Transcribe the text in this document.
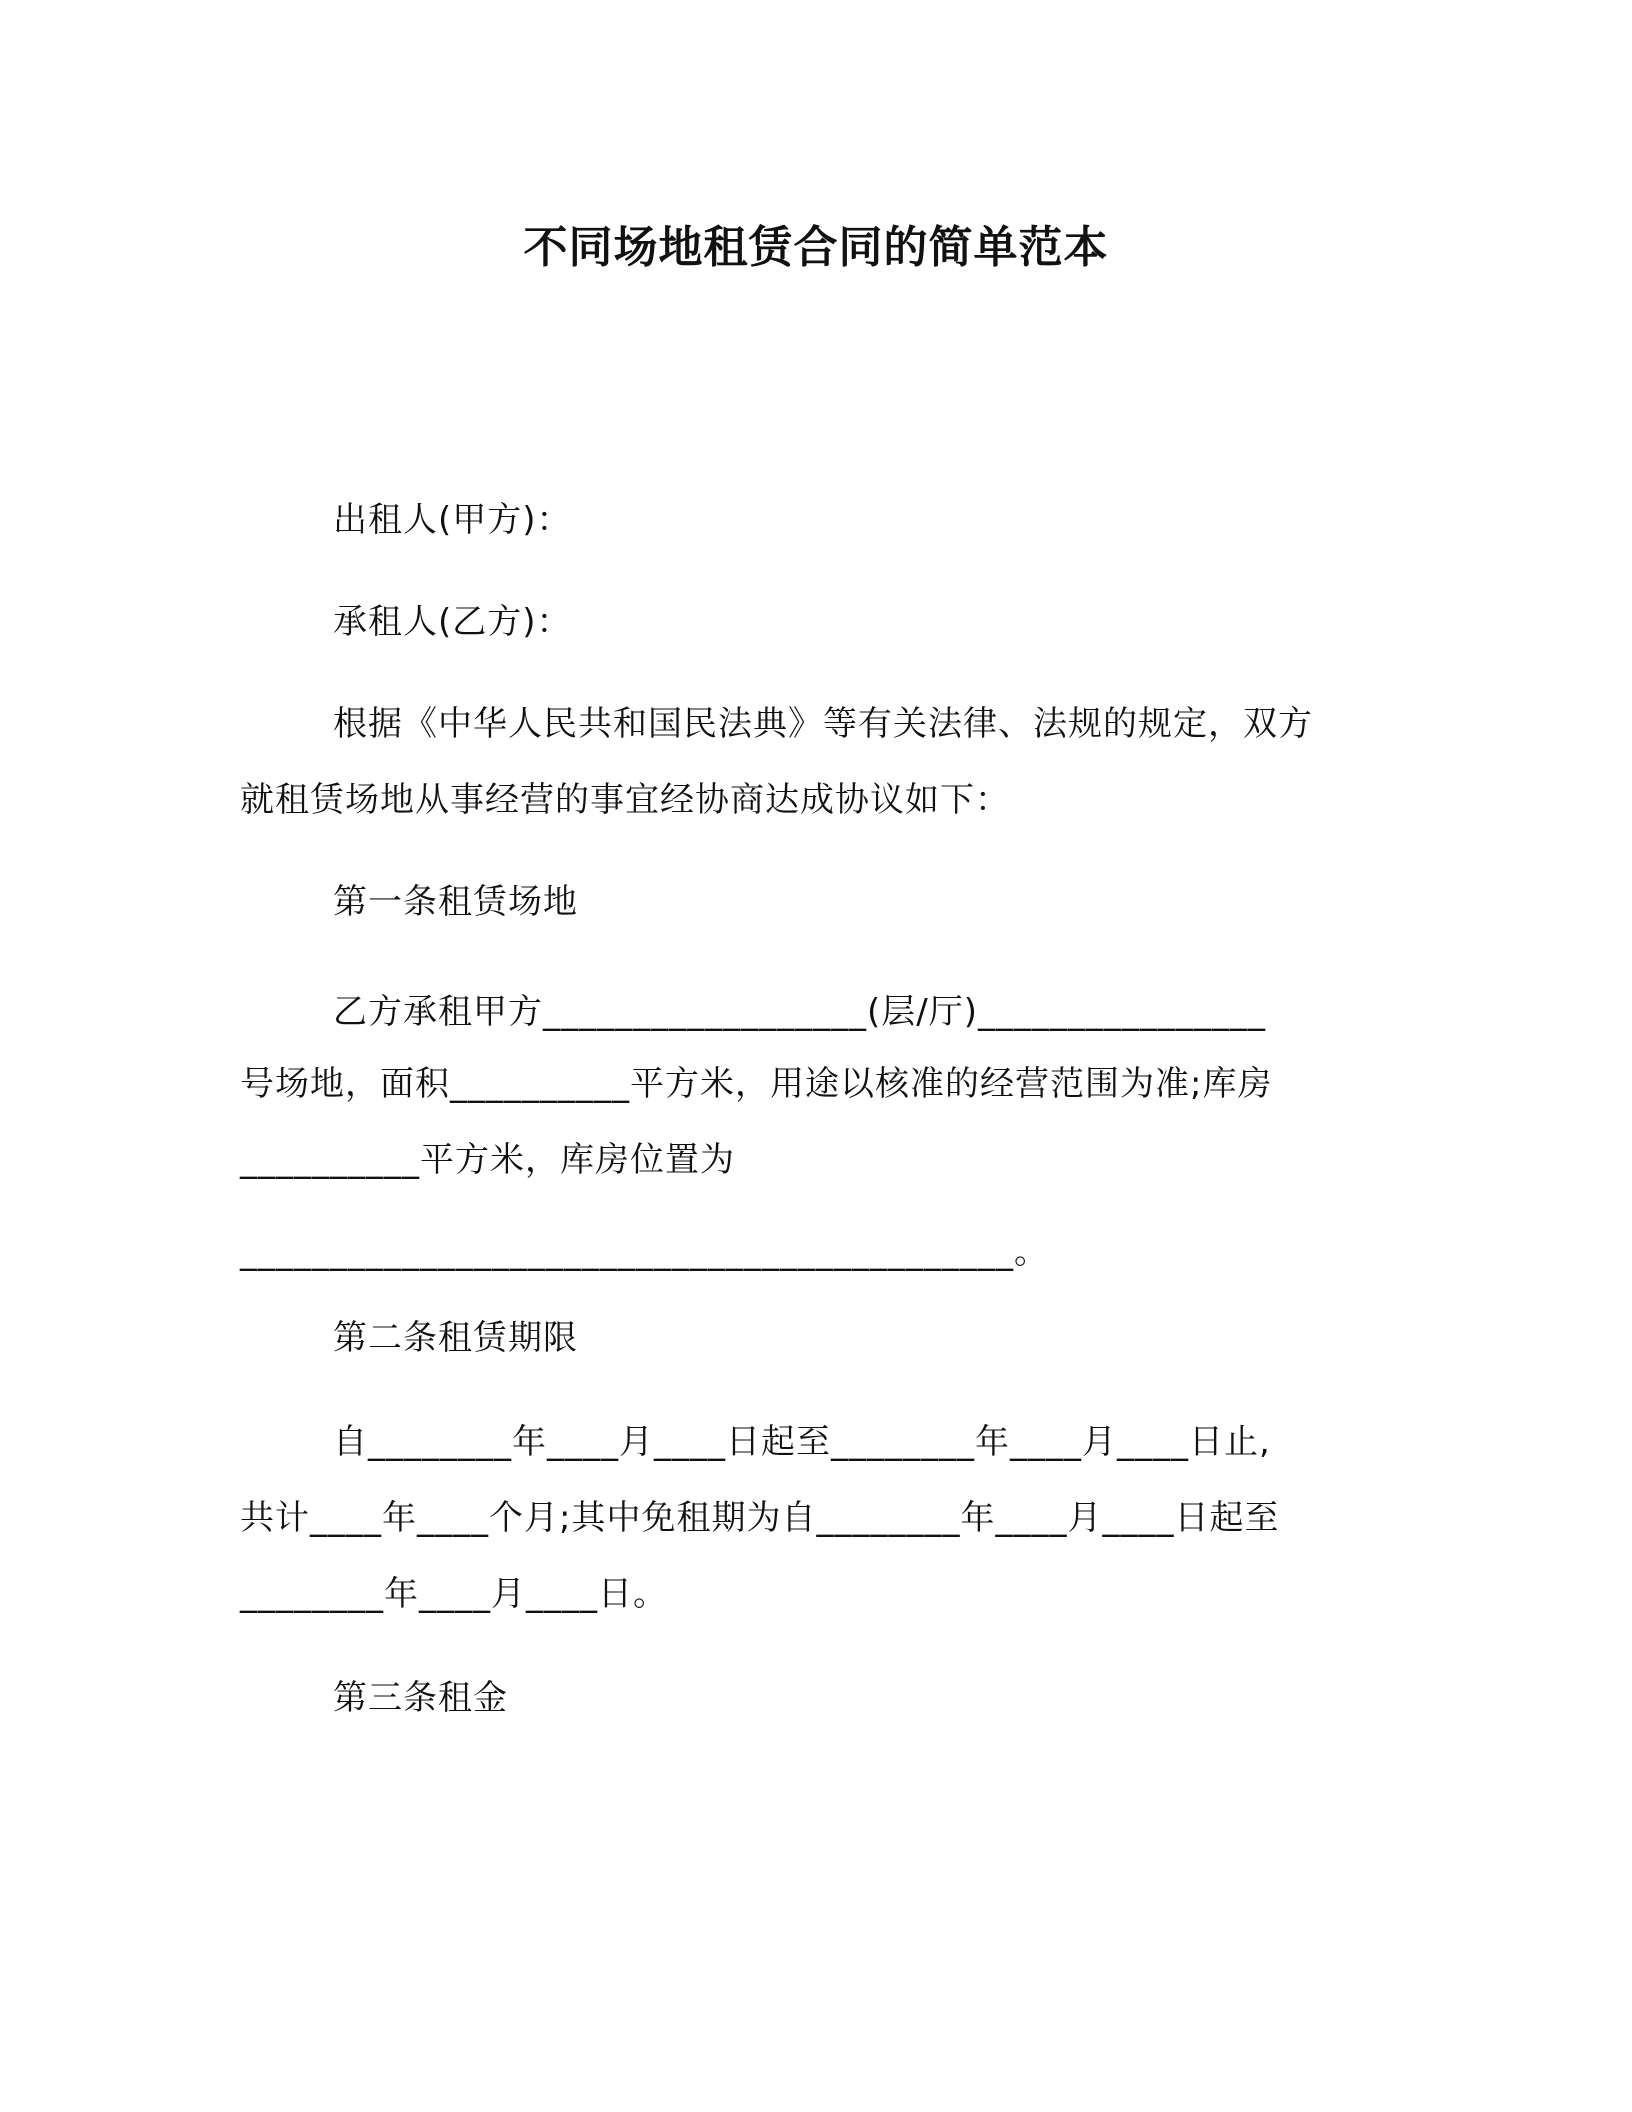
不同场地租赁合同的简单范本
出租人(甲方)：
承租人(乙方)：
根据《中华人民共和国民法典》等有关法律、法规的规定，双方
就租赁场地从事经营的事宜经协商达成协议如下：
第一条租赁场地
乙方承租甲方__________________(层/厅)________________
号场地，面积__________平方米，用途以核准的经营范围为准;库房
__________平方米，库房位置为
___________________________________________。
第二条租赁期限
自________年____月____日起至________年____月____日止,
共计____年____个月;其中免租期为自________年____月____日起至
________年____月____日。
第三条租金
